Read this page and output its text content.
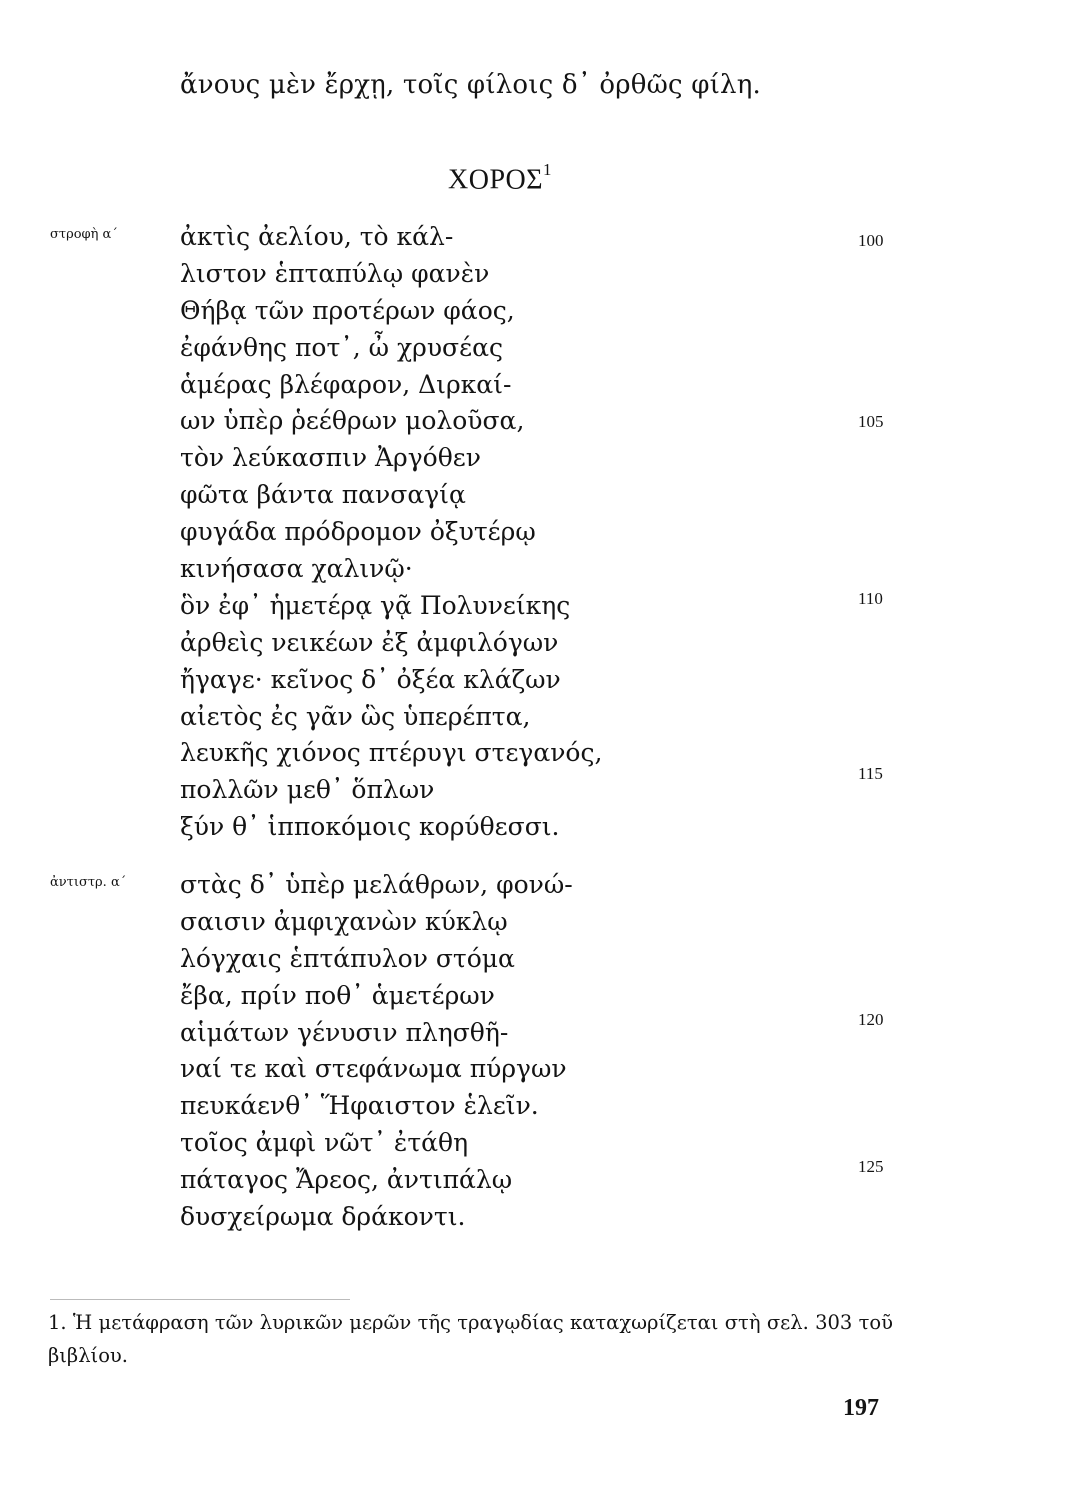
ἄνους μὲν ἔρχῃ, τοῖς φίλοις δ᾽ ὀρθῶς φίλη.
ΧΟΡΟΣ$^1$
στροφὴ α΄ ἀκτὶς ἀελίου, τὸ κάλ-
λιστον ἑπταπύλῳ φανὲν
Θήβᾳ τῶν προτέρων φάος,
ἐφάνθης ποτ᾽, ὦ χρυσέας
ἁμέρας βλέφαρον, Διρκαί-
ων ὑπὲρ ῥεέθρων μολοῦσα,
τὸν λεύκασπιν Ἀργόθεν
φῶτα βάντα πανσαγίᾳ
φυγάδα πρόδρομον ὀξυτέρῳ
κινήσασα χαλινῷ·
ὃν ἐφ᾽ ἡμετέρᾳ γᾷ Πολυνείκης
ἀρθεὶς νεικέων ἐξ ἀμφιλόγων
ἤγαγε· κεῖνος δ᾽ ὀξέα κλάζων
αἰετὸς ἐς γᾶν ὣς ὑπερέπτα,
λευκῆς χιόνος πτέρυγι στεγανός,
πολλῶν μεθ᾽ ὅπλων
ξύν θ᾽ ἱπποκόμοις κορύθεσσι.
100
105
110
115
ἀντιστρ. α΄ στὰς δ᾽ ὑπὲρ μελάθρων, φονώ-
σαισιν ἀμφιχανὼν κύκλῳ
λόγχαις ἑπτάπυλον στόμα
ἔβα, πρίν ποθ᾽ ἁμετέρων
αἱμάτων γένυσιν πλησθῆ-
ναί τε καὶ στεφάνωμα πύργων
πευκάενθ᾽ Ἥφαιστον ἑλεῖν.
τοῖος ἀμφὶ νῶτ᾽ ἐτάθη
πάταγος Ἄρεος, ἀντιπάλῳ
δυσχείρωμα δράκοντι.
120
125
1. Ἡ μετάφραση τῶν λυρικῶν μερῶν τῆς τραγῳδίας καταχωρίζεται στὴ σελ. 303 τοῦ βιβλίου.
197
